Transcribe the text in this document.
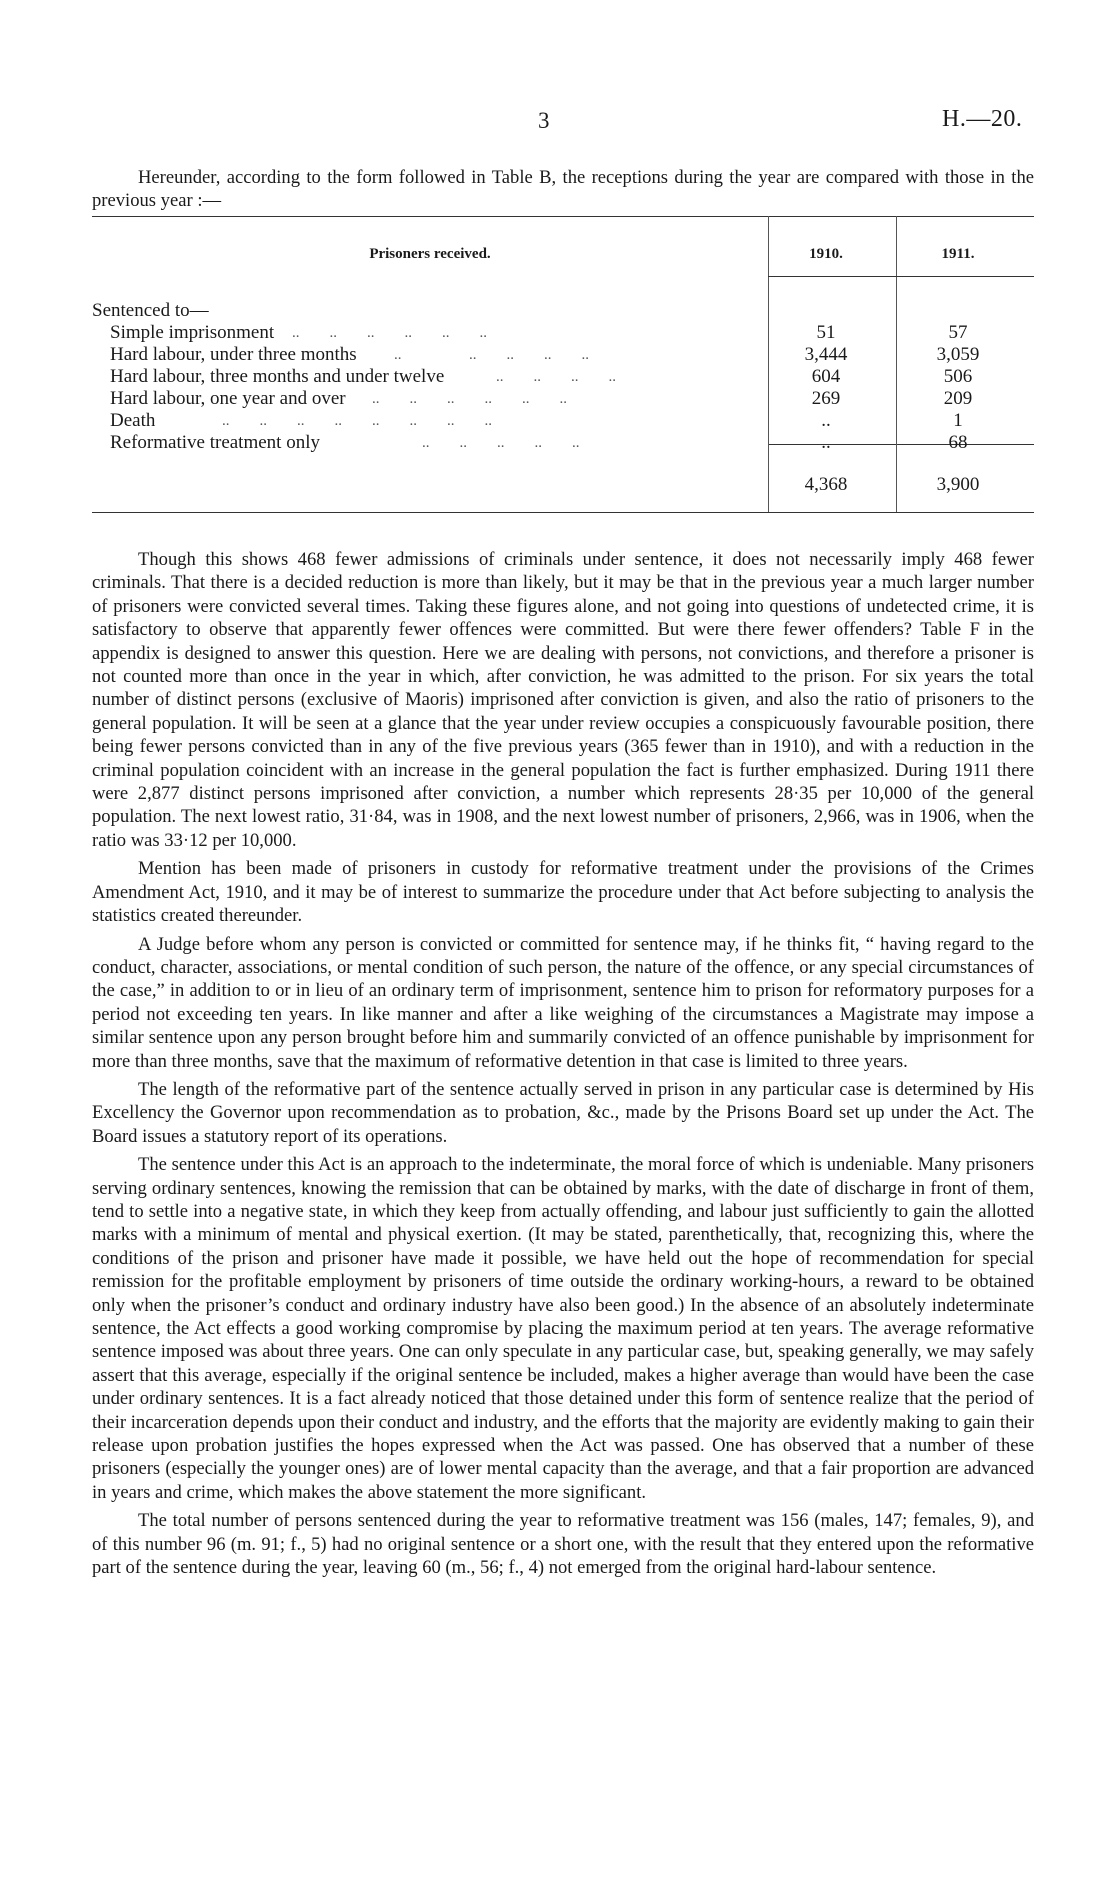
3	H.—20.

Hereunder, according to the form followed in Table B, the receptions during the year are compared with those in the previous year :—

Prisoners received.	1910.	1911.
Sentenced to—
Simple imprisonment ..        ..        ..        ..        ..        ..	51	57
Hard labour, under three months ..                  ..        ..        ..        ..	3,444	3,059
Hard labour, three months and under twelve	..        ..        ..        ..	604	506
Hard labour, one year and over ..        ..        ..        ..        ..        ..	269	209
Death	..        ..        ..        ..        ..        ..        ..        ..	..	1
Reformative treatment only	..        ..        ..        ..        ..	..	68
4,368	3,900

Though this shows 468 fewer admissions of criminals under sentence, it does not necessarily imply 468 fewer criminals. That there is a decided reduction is more than likely, but it may be that in the previous year a much larger number of prisoners were convicted several times. Taking these figures alone, and not going into questions of undetected crime, it is satisfactory to observe that apparently fewer offences were committed. But were there fewer offenders? Table F in the appendix is designed to answer this question. Here we are dealing with persons, not convictions, and therefore a prisoner is not counted more than once in the year in which, after conviction, he was admitted to the prison. For six years the total number of distinct persons (exclusive of Maoris) imprisoned after conviction is given, and also the ratio of prisoners to the general population. It will be seen at a glance that the year under review occupies a conspicuously favourable position, there being fewer persons convicted than in any of the five previous years (365 fewer than in 1910), and with a reduction in the criminal population coincident with an increase in the general population the fact is further emphasized. During 1911 there were 2,877 distinct persons imprisoned after conviction, a number which represents 28·35 per 10,000 of the general population. The next lowest ratio, 31·84, was in 1908, and the next lowest number of prisoners, 2,966, was in 1906, when the ratio was 33·12 per 10,000.

Mention has been made of prisoners in custody for reformative treatment under the provisions of the Crimes Amendment Act, 1910, and it may be of interest to summarize the procedure under that Act before subjecting to analysis the statistics created thereunder.

A Judge before whom any person is convicted or committed for sentence may, if he thinks fit, “ having regard to the conduct, character, associations, or mental condition of such person, the nature of the offence, or any special circumstances of the case,” in addition to or in lieu of an ordinary term of imprisonment, sentence him to prison for reformatory purposes for a period not exceeding ten years. In like manner and after a like weighing of the circumstances a Magistrate may impose a similar sentence upon any person brought before him and summarily convicted of an offence punishable by imprisonment for more than three months, save that the maximum of reformative detention in that case is limited to three years.

The length of the reformative part of the sentence actually served in prison in any particular case is determined by His Excellency the Governor upon recommendation as to probation, &c., made by the Prisons Board set up under the Act. The Board issues a statutory report of its operations.

The sentence under this Act is an approach to the indeterminate, the moral force of which is undeniable. Many prisoners serving ordinary sentences, knowing the remission that can be obtained by marks, with the date of discharge in front of them, tend to settle into a negative state, in which they keep from actually offending, and labour just sufficiently to gain the allotted marks with a minimum of mental and physical exertion. (It may be stated, parenthetically, that, recognizing this, where the conditions of the prison and prisoner have made it possible, we have held out the hope of recommendation for special remission for the profitable employment by prisoners of time outside the ordinary working-hours, a reward to be obtained only when the prisoner’s conduct and ordinary industry have also been good.) In the absence of an absolutely indeterminate sentence, the Act effects a good working compromise by placing the maximum period at ten years. The average reformative sentence imposed was about three years. One can only speculate in any particular case, but, speaking generally, we may safely assert that this average, especially if the original sentence be included, makes a higher average than would have been the case under ordinary sentences. It is a fact already noticed that those detained under this form of sentence realize that the period of their incarceration depends upon their conduct and industry, and the efforts that the majority are evidently making to gain their release upon probation justifies the hopes expressed when the Act was passed. One has observed that a number of these prisoners (especially the younger ones) are of lower mental capacity than the average, and that a fair proportion are advanced in years and crime, which makes the above statement the more significant.

The total number of persons sentenced during the year to reformative treatment was 156 (males, 147; females, 9), and of this number 96 (m. 91; f., 5) had no original sentence or a short one, with the result that they entered upon the reformative part of the sentence during the year, leaving 60 (m., 56; f., 4) not emerged from the original hard-labour sentence.
